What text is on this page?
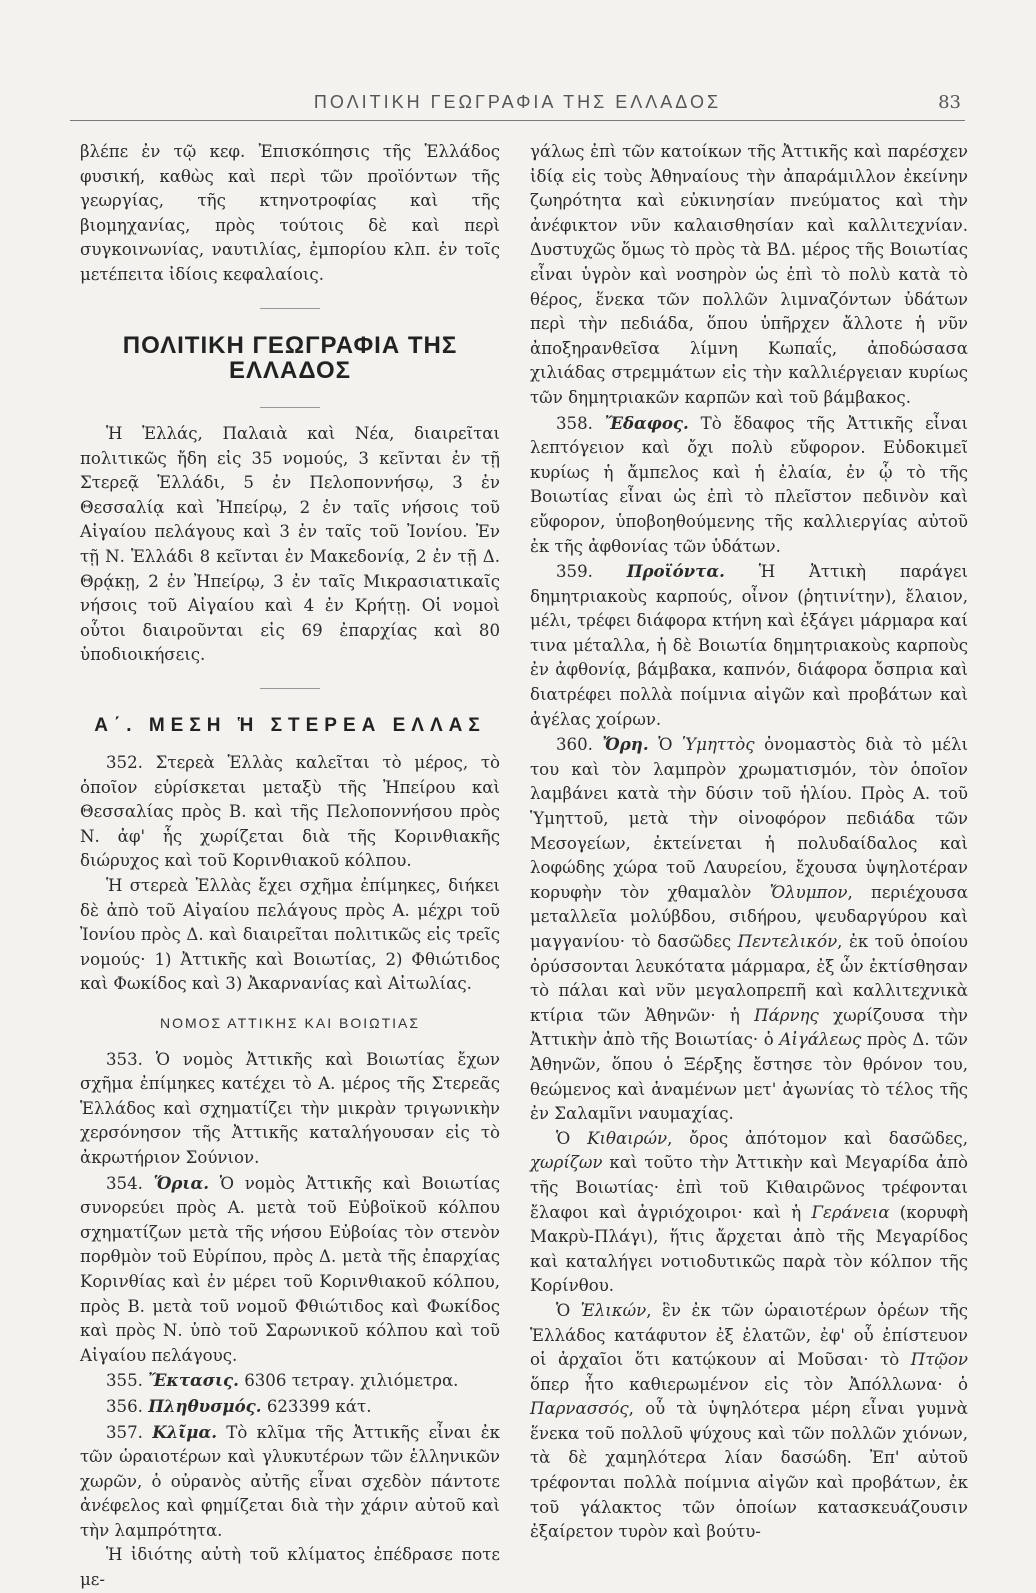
ΠΟΛΙΤΙΚΗ ΓΕΩΓΡΑΦΙΑ ΤΗΣ ΕΛΛΑΔΟΣ	83

βλέπε ἐν τῷ κεφ. Ἐπισκόπησις τῆς Ἑλλάδος φυσική, καθὼς καὶ περὶ τῶν προϊόντων τῆς γεωργίας, τῆς κτηνοτροφίας καὶ τῆς βιομηχανίας, πρὸς τούτοις δὲ καὶ περὶ συγκοινωνίας, ναυτιλίας, ἐμπορίου κλπ. ἐν τοῖς μετέπειτα ἰδίοις κεφαλαίοις.

ΠΟΛΙΤΙΚΗ ΓΕΩΓΡΑΦΙΑ ΤΗΣ ΕΛΛΑΔΟΣ

Ἡ Ἑλλάς, Παλαιὰ καὶ Νέα, διαιρεῖται πολιτικῶς ἤδη εἰς 35 νομούς, 3 κεῖνται ἐν τῇ Στερεᾷ Ἑλλάδι, 5 ἐν Πελοποννήσῳ, 3 ἐν Θεσσαλίᾳ καὶ Ἠπείρῳ, 2 ἐν ταῖς νήσοις τοῦ Αἰγαίου πελάγους καὶ 3 ἐν ταῖς τοῦ Ἰονίου. Ἐν τῇ Ν. Ἑλλάδι 8 κεῖνται ἐν Μακεδονίᾳ, 2 ἐν τῇ Δ. Θρᾴκῃ, 2 ἐν Ἠπείρῳ, 3 ἐν ταῖς Μικρασιατικαῖς νήσοις τοῦ Αἰγαίου καὶ 4 ἐν Κρήτῃ. Οἱ νομοὶ οὗτοι διαιροῦνται εἰς 69 ἐπαρχίας καὶ 80 ὑποδιοικήσεις.

Α΄. ΜΕΣΗ Ἡ ΣΤΕΡΕΑ ΕΛΛΑΣ

352. Στερεὰ Ἑλλὰς καλεῖται τὸ μέρος, τὸ ὁποῖον εὑρίσκεται μεταξὺ τῆς Ἠπείρου καὶ Θεσσαλίας πρὸς Β. καὶ τῆς Πελοποννήσου πρὸς Ν. ἀφ' ἧς χωρίζεται διὰ τῆς Κορινθιακῆς διώρυχος καὶ τοῦ Κορινθιακοῦ κόλπου.

Ἡ στερεὰ Ἑλλὰς ἔχει σχῆμα ἐπίμηκες, διήκει δὲ ἀπὸ τοῦ Αἰγαίου πελάγους πρὸς Α. μέχρι τοῦ Ἰονίου πρὸς Δ. καὶ διαιρεῖται πολιτικῶς εἰς τρεῖς νομούς· 1) Ἀττικῆς καὶ Βοιωτίας, 2) Φθιώτιδος καὶ Φωκίδος καὶ 3) Ἀκαρνανίας καὶ Αἰτωλίας.

ΝΟΜΟΣ ΑΤΤΙΚΗΣ ΚΑΙ ΒΟΙΩΤΙΑΣ

353. Ὁ νομὸς Ἀττικῆς καὶ Βοιωτίας ἔχων σχῆμα ἐπίμηκες κατέχει τὸ Α. μέρος τῆς Στερεᾶς Ἑλλάδος καὶ σχηματίζει τὴν μικρὰν τριγωνικὴν χερσόνησον τῆς Ἀττικῆς καταλήγουσαν εἰς τὸ ἀκρωτήριον Σούνιον.

354. Ὅρια. Ὁ νομὸς Ἀττικῆς καὶ Βοιωτίας συνορεύει πρὸς Α. μετὰ τοῦ Εὐβοϊκοῦ κόλπου σχηματίζων μετὰ τῆς νήσου Εὐβοίας τὸν στενὸν πορθμὸν τοῦ Εὐρίπου, πρὸς Δ. μετὰ τῆς ἐπαρχίας Κορινθίας καὶ ἐν μέρει τοῦ Κορινθιακοῦ κόλπου, πρὸς Β. μετὰ τοῦ νομοῦ Φθιώτιδος καὶ Φωκίδος καὶ πρὸς Ν. ὑπὸ τοῦ Σαρωνικοῦ κόλπου καὶ τοῦ Αἰγαίου πελάγους.

355. Ἔκτασις. 6306 τετραγ. χιλιόμετρα.

356. Πληθυσμός. 623399 κάτ.

357. Κλῖμα. Τὸ κλῖμα τῆς Ἀττικῆς εἶναι ἐκ τῶν ὡραιοτέρων καὶ γλυκυτέρων τῶν ἑλληνικῶν χωρῶν, ὁ οὐρανὸς αὐτῆς εἶναι σχεδὸν πάντοτε ἀνέφελος καὶ φημίζεται διὰ τὴν χάριν αὐτοῦ καὶ τὴν λαμπρότητα.

Ἡ ἰδιότης αὐτὴ τοῦ κλίματος ἐπέδρασε ποτε με-

γάλως ἐπὶ τῶν κατοίκων τῆς Ἀττικῆς καὶ παρέσχεν ἰδίᾳ εἰς τοὺς Ἀθηναίους τὴν ἀπαράμιλλον ἐκείνην ζωηρότητα καὶ εὐκινησίαν πνεύματος καὶ τὴν ἀνέφικτον νῦν καλαισθησίαν καὶ καλλιτεχνίαν. Δυστυχῶς ὅμως τὸ πρὸς τὰ ΒΔ. μέρος τῆς Βοιωτίας εἶναι ὑγρὸν καὶ νοσηρὸν ὡς ἐπὶ τὸ πολὺ κατὰ τὸ θέρος, ἕνεκα τῶν πολλῶν λιμναζόντων ὑδάτων περὶ τὴν πεδιάδα, ὅπου ὑπῆρχεν ἄλλοτε ἡ νῦν ἀποξηρανθεῖσα λίμνη Κωπαΐς, ἀποδώσασα χιλιάδας στρεμμάτων εἰς τὴν καλλιέργειαν κυρίως τῶν δημητριακῶν καρπῶν καὶ τοῦ βάμβακος.

358. Ἔδαφος. Τὸ ἔδαφος τῆς Ἀττικῆς εἶναι λεπτόγειον καὶ ὄχι πολὺ εὔφορον. Εὐδοκιμεῖ κυρίως ἡ ἄμπελος καὶ ἡ ἐλαία, ἐν ᾧ τὸ τῆς Βοιωτίας εἶναι ὡς ἐπὶ τὸ πλεῖστον πεδινὸν καὶ εὔφορον, ὑποβοηθούμενης τῆς καλλιεργίας αὐτοῦ ἐκ τῆς ἀφθονίας τῶν ὑδάτων.

359. Προϊόντα. Ἡ Ἀττικὴ παράγει δημητριακοὺς καρπούς, οἶνον (ῥητινίτην), ἔλαιον, μέλι, τρέφει διάφορα κτήνη καὶ ἐξάγει μάρμαρα καί τινα μέταλλα, ἡ δὲ Βοιωτία δημητριακοὺς καρποὺς ἐν ἀφθονίᾳ, βάμβακα, καπνόν, διάφορα ὄσπρια καὶ διατρέφει πολλὰ ποίμνια αἰγῶν καὶ προβάτων καὶ ἀγέλας χοίρων.

360. Ὄρη. Ὁ Ὑμηττὸς ὀνομαστὸς διὰ τὸ μέλι του καὶ τὸν λαμπρὸν χρωματισμόν, τὸν ὁποῖον λαμβάνει κατὰ τὴν δύσιν τοῦ ἡλίου. Πρὸς Α. τοῦ Ὑμηττοῦ, μετὰ τὴν οἰνοφόρον πεδιάδα τῶν Μεσογείων, ἐκτείνεται ἡ πολυδαίδαλος καὶ λοφώδης χώρα τοῦ Λαυρείου, ἔχουσα ὑψηλοτέραν κορυφὴν τὸν χθαμαλὸν Ὄλυμπον, περιέχουσα μεταλλεῖα μολύβδου, σιδήρου, ψευδαργύρου καὶ μαγγανίου· τὸ δασῶδες Πεντελικόν, ἐκ τοῦ ὁποίου ὀρύσσονται λευκότατα μάρμαρα, ἐξ ὧν ἐκτίσθησαν τὸ πάλαι καὶ νῦν μεγαλοπρεπῆ καὶ καλλιτεχνικὰ κτίρια τῶν Ἀθηνῶν· ἡ Πάρνης χωρίζουσα τὴν Ἀττικὴν ἀπὸ τῆς Βοιωτίας· ὁ Αἰγάλεως πρὸς Δ. τῶν Ἀθηνῶν, ὅπου ὁ Ξέρξης ἔστησε τὸν θρόνον του, θεώμενος καὶ ἀναμένων μετ' ἀγωνίας τὸ τέλος τῆς ἐν Σαλαμῖνι ναυμαχίας.

Ὁ Κιθαιρών, ὄρος ἀπότομον καὶ δασῶδες, χωρίζων καὶ τοῦτο τὴν Ἀττικὴν καὶ Μεγαρίδα ἀπὸ τῆς Βοιωτίας· ἐπὶ τοῦ Κιθαιρῶνος τρέφονται ἔλαφοι καὶ ἀγριόχοιροι· καὶ ἡ Γεράνεια (κορυφὴ Μακρὺ-Πλάγι), ἥτις ἄρχεται ἀπὸ τῆς Μεγαρίδος καὶ καταλήγει νοτιοδυτικῶς παρὰ τὸν κόλπον τῆς Κορίνθου.

Ὁ Ἑλικών, ἓν ἐκ τῶν ὡραιοτέρων ὀρέων τῆς Ἑλλάδος κατάφυτον ἐξ ἐλατῶν, ἐφ' οὗ ἐπίστευον οἱ ἀρχαῖοι ὅτι κατῴκουν αἱ Μοῦσαι· τὸ Πτῷον ὅπερ ἦτο καθιερωμένον εἰς τὸν Ἀπόλλωνα· ὁ Παρνασσός, οὗ τὰ ὑψηλότερα μέρη εἶναι γυμνὰ ἕνεκα τοῦ πολλοῦ ψύχους καὶ τῶν πολλῶν χιόνων, τὰ δὲ χαμηλότερα λίαν δασώδη. Ἐπ' αὐτοῦ τρέφονται πολλὰ ποίμνια αἰγῶν καὶ προβάτων, ἐκ τοῦ γάλακτος τῶν ὁποίων κατασκευάζουσιν ἐξαίρετον τυρὸν καὶ βούτυ-
